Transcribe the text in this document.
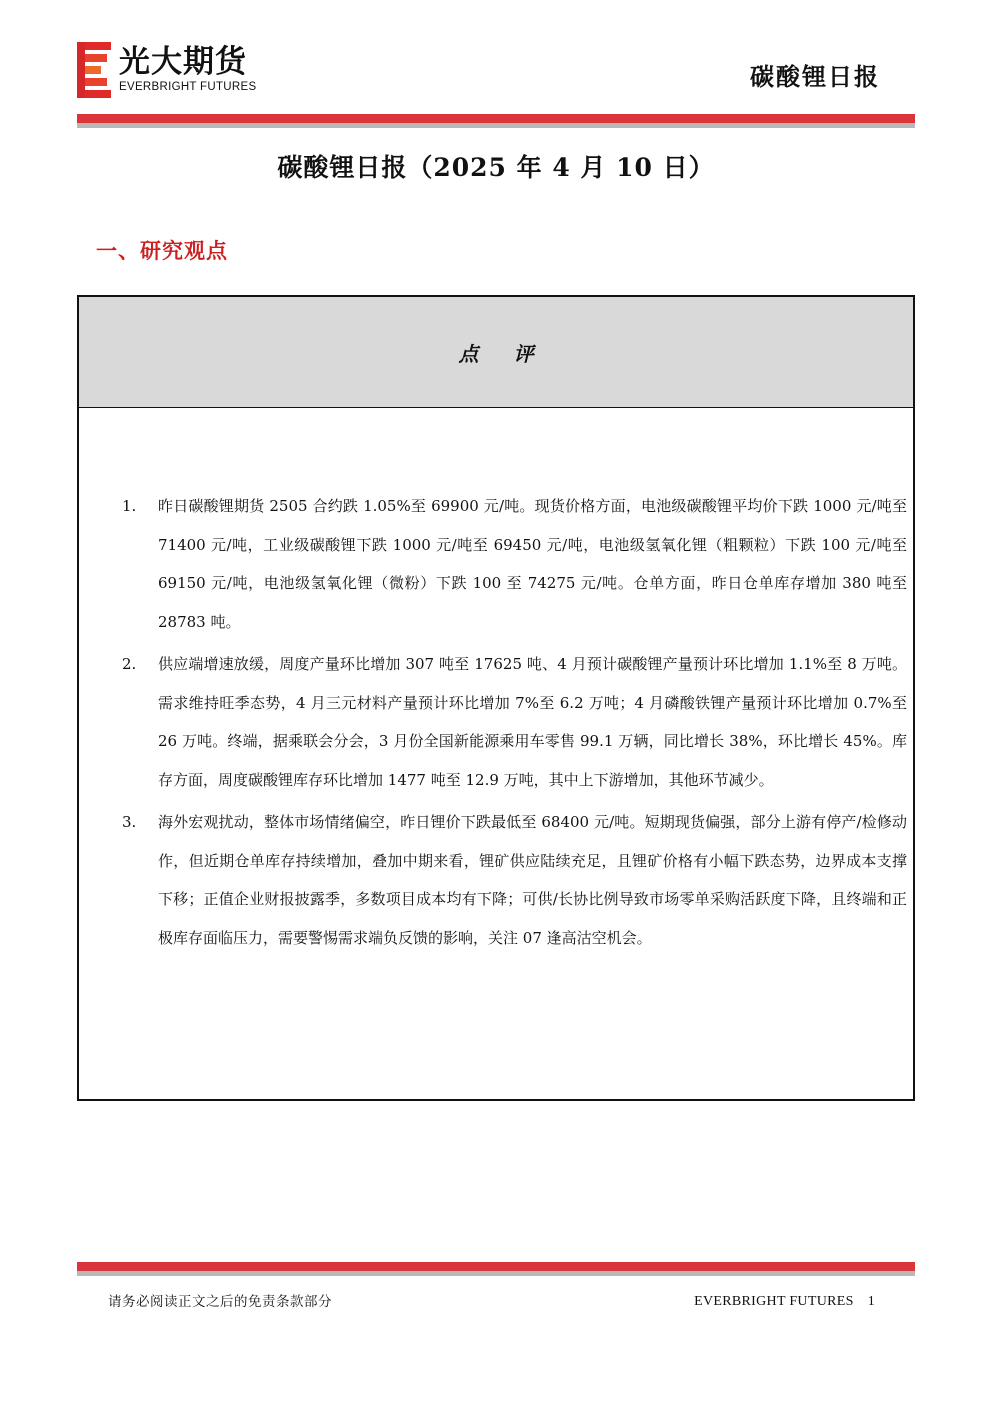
光大期货
EVERBRIGHT FUTURES	碳酸锂日报
碳酸锂日报（2025 年 4 月 10 日）
一、研究观点
点 评
1. 昨日碳酸锂期货 2505 合约跌 1.05%至 69900 元/吨。现货价格方面，电池级碳酸锂平均价下跌 1000 元/吨至 71400 元/吨，工业级碳酸锂下跌 1000 元/吨至 69450 元/吨，电池级氢氧化锂（粗颗粒）下跌 100 元/吨至 69150 元/吨，电池级氢氧化锂（微粉）下跌 100 至 74275 元/吨。仓单方面，昨日仓单库存增加 380 吨至 28783 吨。
2. 供应端增速放缓，周度产量环比增加 307 吨至 17625 吨、4 月预计碳酸锂产量预计环比增加 1.1%至 8 万吨。需求维持旺季态势，4 月三元材料产量预计环比增加 7%至 6.2 万吨；4 月磷酸铁锂产量预计环比增加 0.7%至 26 万吨。终端，据乘联会分会，3 月份全国新能源乘用车零售 99.1 万辆，同比增长 38%，环比增长 45%。库存方面，周度碳酸锂库存环比增加 1477 吨至 12.9 万吨，其中上下游增加，其他环节减少。
3. 海外宏观扰动，整体市场情绪偏空，昨日锂价下跌最低至 68400 元/吨。短期现货偏强，部分上游有停产/检修动作，但近期仓单库存持续增加，叠加中期来看，锂矿供应陆续充足，且锂矿价格有小幅下跌态势，边界成本支撑下移；正值企业财报披露季，多数项目成本均有下降；可供/长协比例导致市场零单采购活跃度下降，且终端和正极库存面临压力，需要警惕需求端负反馈的影响，关注 07 逢高沽空机会。
请务必阅读正文之后的免责条款部分	EVERBRIGHT FUTURES 1
